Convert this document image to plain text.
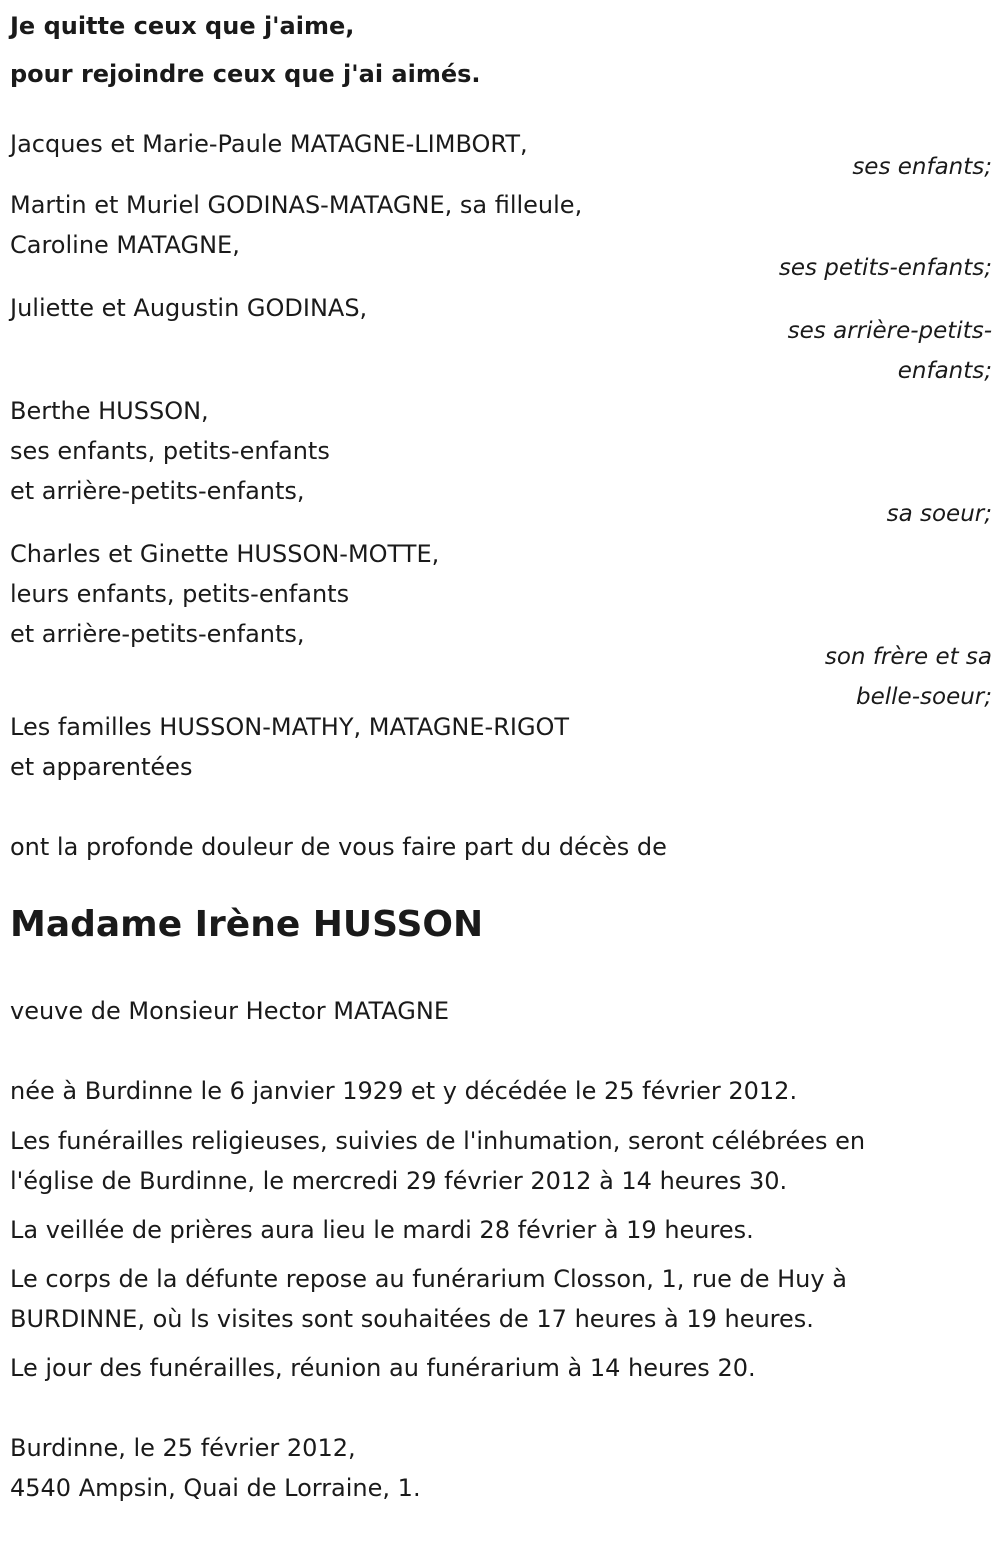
Je quitte ceux que j'aime,
pour rejoindre ceux que j'ai aimés.
Jacques et Marie-Paule MATAGNE-LIMBORT,
ses enfants;
Martin et Muriel GODINAS-MATAGNE, sa filleule,
Caroline MATAGNE,
ses petits-enfants;
Juliette et Augustin GODINAS,
ses arrière-petits-
enfants;
Berthe HUSSON,
ses enfants, petits-enfants
et arrière-petits-enfants,
sa soeur;
Charles et Ginette HUSSON-MOTTE,
leurs enfants, petits-enfants
et arrière-petits-enfants,
son frère et sa
belle-soeur;
Les familles HUSSON-MATHY, MATAGNE-RIGOT
et apparentées
ont la profonde douleur de vous faire part du décès de
Madame Irène HUSSON
veuve de Monsieur Hector MATAGNE
née à Burdinne le 6 janvier 1929 et y décédée le 25 février 2012.
Les funérailles religieuses, suivies de l'inhumation, seront célébrées en
l'église de Burdinne, le mercredi 29 février 2012 à 14 heures 30.
La veillée de prières aura lieu le mardi 28 février à 19 heures.
Le corps de la défunte repose au funérarium Closson, 1, rue de Huy à
BURDINNE, où ls visites sont souhaitées de 17 heures à 19 heures.
Le jour des funérailles, réunion au funérarium à 14 heures 20.
Burdinne, le 25 février 2012,
4540 Ampsin, Quai de Lorraine, 1.
